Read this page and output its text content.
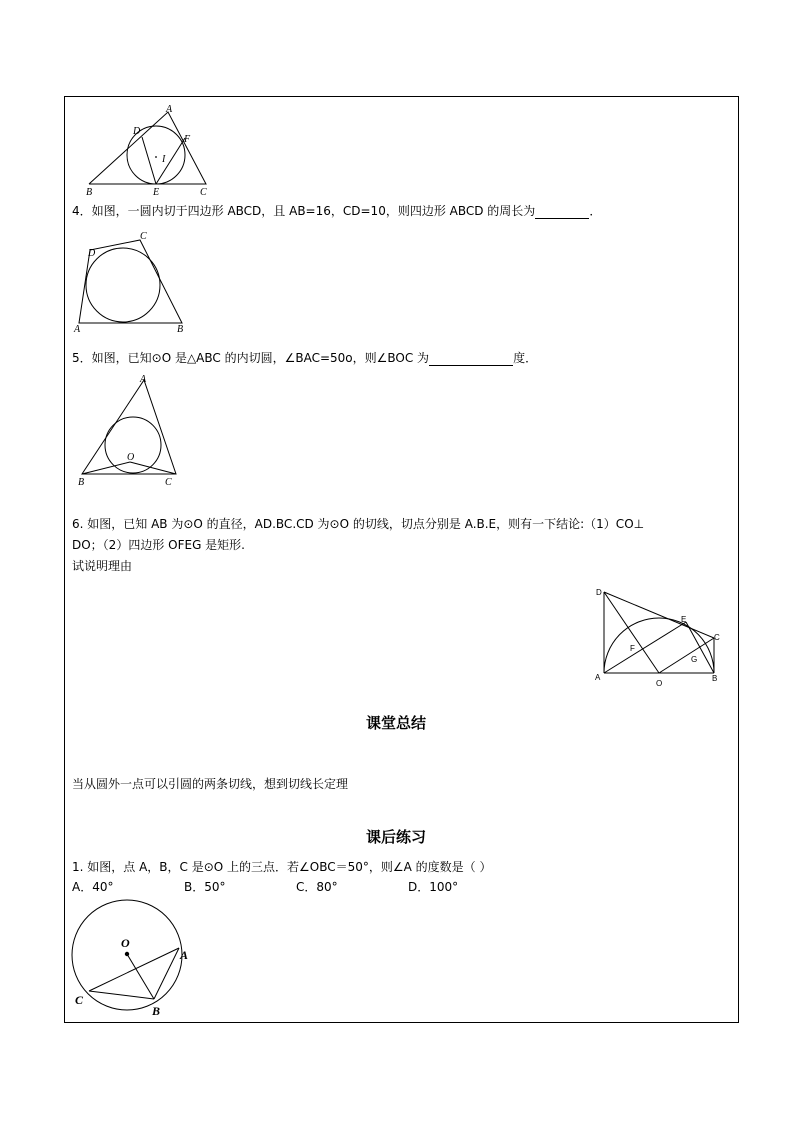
A
D
F
I
B	E	C
4．如图，一圆内切于四边形 ABCD，且 AB=16，CD=10，则四边形 ABCD 的周长为	．
C
D
A	B
5．如图，已知⊙O 是△ABC 的内切圆，∠BAC=50o，则∠BOC 为	度．
A
O
B	C
6. 如图，已知 AB 为⊙O 的直径，AD.BC.CD 为⊙O 的切线，切点分别是 A.B.E，则有一下结论:（1）CO⊥
DO；（2）四边形 OFEG 是矩形.
试说明理由
D
E
C
F
G
A
O
B
课堂总结
当从圆外一点可以引圆的两条切线，想到切线长定理
课后练习
1. 如图，点 A，B，C 是⊙O 上的三点．若∠OBC＝50°，则∠A 的度数是（ ）
A．40°	B．50°	C．80°	D．100°
O
A
C
B
